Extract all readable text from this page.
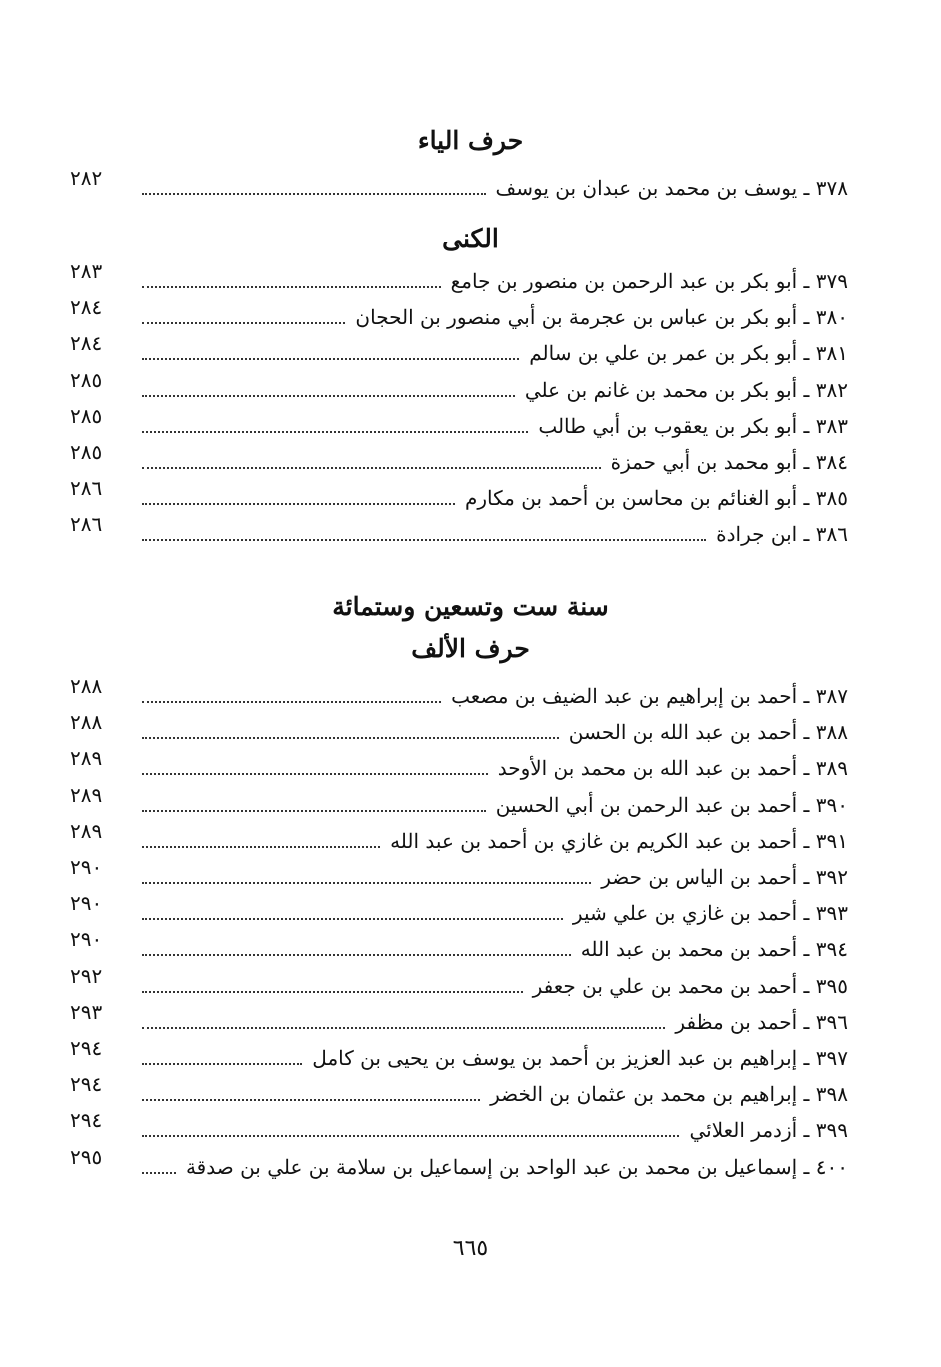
حرف الياء
٣٧٨ ـ يوسف بن محمد بن عبدان بن يوسف
٢٨٢
الكنى
٣٧٩ ـ أبو بكر بن عبد الرحمن بن منصور بن جامع
٢٨٣
٣٨٠ ـ أبو بكر بن عباس بن عجرمة بن أبي منصور بن الحجان
٢٨٤
٣٨١ ـ أبو بكر بن عمر بن علي بن سالم
٢٨٤
٣٨٢ ـ أبو بكر بن محمد بن غانم بن علي
٢٨٥
٣٨٣ ـ أبو بكر بن يعقوب بن أبي طالب
٢٨٥
٣٨٤ ـ أبو محمد بن أبي حمزة
٢٨٥
٣٨٥ ـ أبو الغنائم بن محاسن بن أحمد بن مكارم
٢٨٦
٣٨٦ ـ ابن جرادة
٢٨٦
سنة ست وتسعين وستمائة
حرف الألف
٣٨٧ ـ أحمد بن إبراهيم بن عبد الضيف بن مصعب
٢٨٨
٣٨٨ ـ أحمد بن عبد الله بن الحسن
٢٨٨
٣٨٩ ـ أحمد بن عبد الله بن محمد بن الأوحد
٢٨٩
٣٩٠ ـ أحمد بن عبد الرحمن بن أبي الحسين
٢٨٩
٣٩١ ـ أحمد بن عبد الكريم بن غازي بن أحمد بن عبد الله
٢٨٩
٣٩٢ ـ أحمد بن الياس بن حضر
٢٩٠
٣٩٣ ـ أحمد بن غازي بن علي شير
٢٩٠
٣٩٤ ـ أحمد بن محمد بن عبد الله
٢٩٠
٣٩٥ ـ أحمد بن محمد بن علي بن جعفر
٢٩٢
٣٩٦ ـ أحمد بن مظفر
٢٩٣
٣٩٧ ـ إبراهيم بن عبد العزيز بن أحمد بن يوسف بن يحيى بن كامل
٢٩٤
٣٩٨ ـ إبراهيم بن محمد بن عثمان بن الخضر
٢٩٤
٣٩٩ ـ أزدمر العلائي
٢٩٤
٤٠٠ ـ إسماعيل بن محمد بن عبد الواحد بن إسماعيل بن سلامة بن علي بن صدقة
٢٩٥
٦٦٥
